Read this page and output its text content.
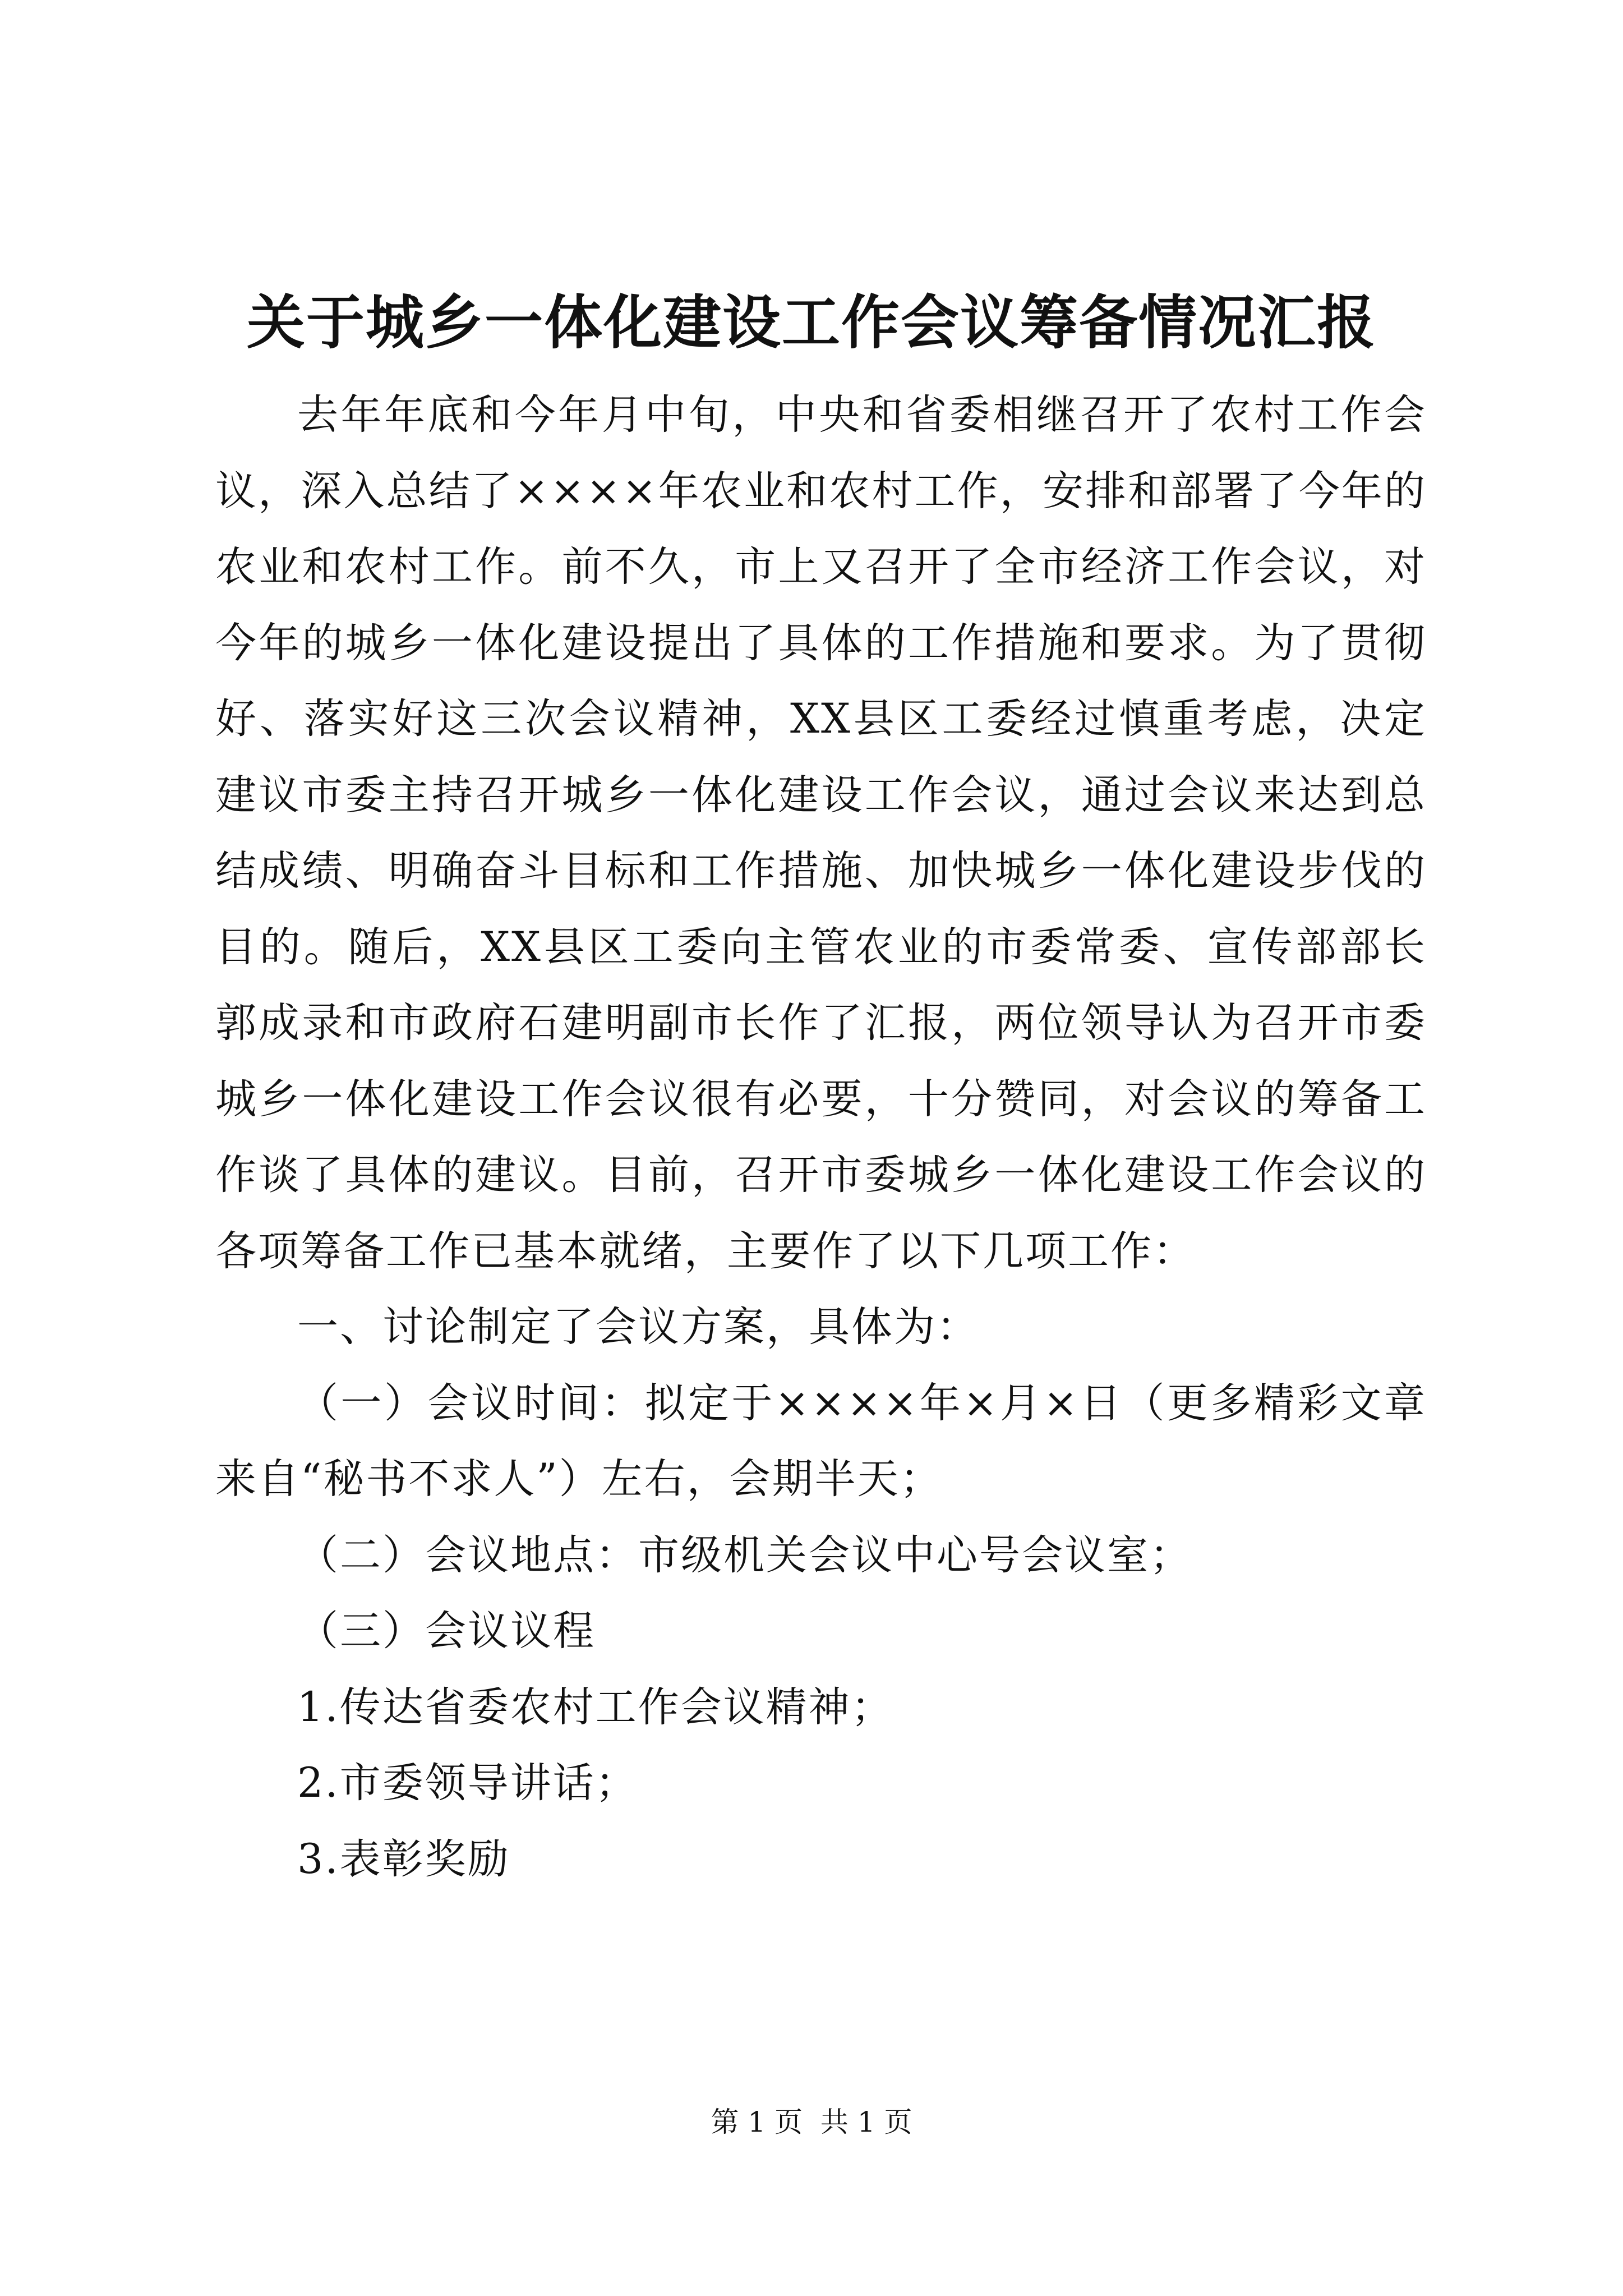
关于城乡一体化建设工作会议筹备情况汇报

去年年底和今年月中旬，中央和省委相继召开了农村工作会议，深入总结了××××年农业和农村工作，安排和部署了今年的农业和农村工作。前不久，市上又召开了全市经济工作会议，对今年的城乡一体化建设提出了具体的工作措施和要求。为了贯彻好、落实好这三次会议精神，XX县区工委经过慎重考虑，决定建议市委主持召开城乡一体化建设工作会议，通过会议来达到总结成绩、明确奋斗目标和工作措施、加快城乡一体化建设步伐的目的。随后，XX县区工委向主管农业的市委常委、宣传部部长郭成录和市政府石建明副市长作了汇报，两位领导认为召开市委城乡一体化建设工作会议很有必要，十分赞同，对会议的筹备工作谈了具体的建议。目前，召开市委城乡一体化建设工作会议的各项筹备工作已基本就绪，主要作了以下几项工作：

一、讨论制定了会议方案，具体为：

（一）会议时间：拟定于××××年×月×日（更多精彩文章来自“秘书不求人”）左右，会期半天；

（二）会议地点：市级机关会议中心号会议室；

（三）会议议程

1.传达省委农村工作会议精神；

2.市委领导讲话；

3.表彰奖励

第 1 页  共 1 页
